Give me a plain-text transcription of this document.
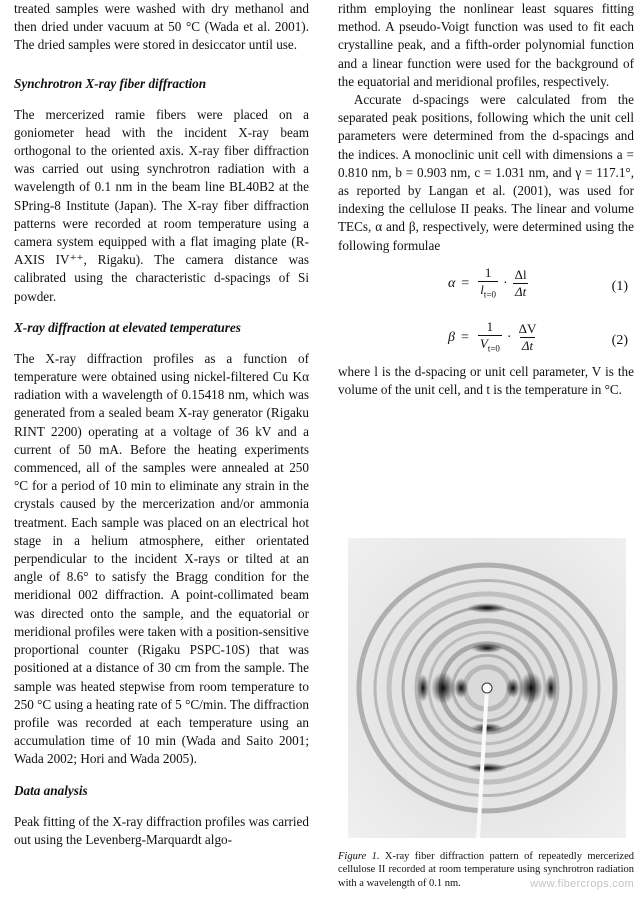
treated samples were washed with dry methanol and then dried under vacuum at 50 °C (Wada et al. 2001). The dried samples were stored in desiccator until use.

Synchrotron X-ray fiber diffraction

The mercerized ramie fibers were placed on a goniometer head with the incident X-ray beam orthogonal to the oriented axis. X-ray fiber diffraction was carried out using synchrotron radiation with a wavelength of 0.1 nm in the beam line BL40B2 at the SPring-8 Institute (Japan). The X-ray fiber diffraction patterns were recorded at room temperature using a camera system equipped with a flat imaging plate (R-AXIS IV⁺⁺, Rigaku). The camera distance was calibrated using the characteristic d-spacings of Si powder.

X-ray diffraction at elevated temperatures

The X-ray diffraction profiles as a function of temperature were obtained using nickel-filtered Cu Kα radiation with a wavelength of 0.15418 nm, which was generated from a sealed beam X-ray generator (Rigaku RINT 2200) operating at a voltage of 36 kV and a current of 50 mA. Before the heating experiments commenced, all of the samples were annealed at 250 °C for a period of 10 min to eliminate any strain in the crystals caused by the mercerization and/or ammonia treatment. Each sample was placed on an electrical hot stage in a helium atmosphere, either orientated perpendicular to the incident X-rays or tilted at an angle of 8.6° to satisfy the Bragg condition for the meridional 002 diffraction. A point-collimated beam was directed onto the sample, and the equatorial or meridional profiles were taken with a position-sensitive proportional counter (Rigaku PSPC-10S) that was positioned at a distance of 30 cm from the sample. The sample was heated stepwise from room temperature to 250 °C using a heating rate of 5 °C/min. The diffraction profile was recorded at each temperature using an accumulation time of 10 min (Wada and Saito 2001; Wada 2002; Hori and Wada 2005).

Data analysis

Peak fitting of the X-ray diffraction profiles was carried out using the Levenberg-Marquardt algo-

rithm employing the nonlinear least squares fitting method. A pseudo-Voigt function was used to fit each crystalline peak, and a fifth-order polynomial function and a linear function were used for the background of the equatorial and meridional profiles, respectively.

Accurate d-spacings were calculated from the separated peak positions, following which the unit cell parameters were determined from the d-spacings and the indices. A monoclinic unit cell with dimensions a = 0.810 nm, b = 0.903 nm, c = 1.031 nm, and γ = 117.1°, as reported by Langan et al. (2001), was used for indexing the cellulose II peaks. The linear and volume TECs, α and β, respectively, were determined using the following formulae

$\alpha = \frac{1}{l_{t=0}} \cdot \frac{\Delta l}{\Delta t}$	(1)
$\beta = \frac{1}{V_{t=0}} \cdot \frac{\Delta V}{\Delta t}$	(2)

where l is the d-spacing or unit cell parameter, V is the volume of the unit cell, and t is the temperature in °C.

Figure 1. X-ray fiber diffraction pattern of repeatedly mercerized cellulose II recorded at room temperature using synchrotron radiation with a wavelength of 0.1 nm.	www.fibercrops.com
